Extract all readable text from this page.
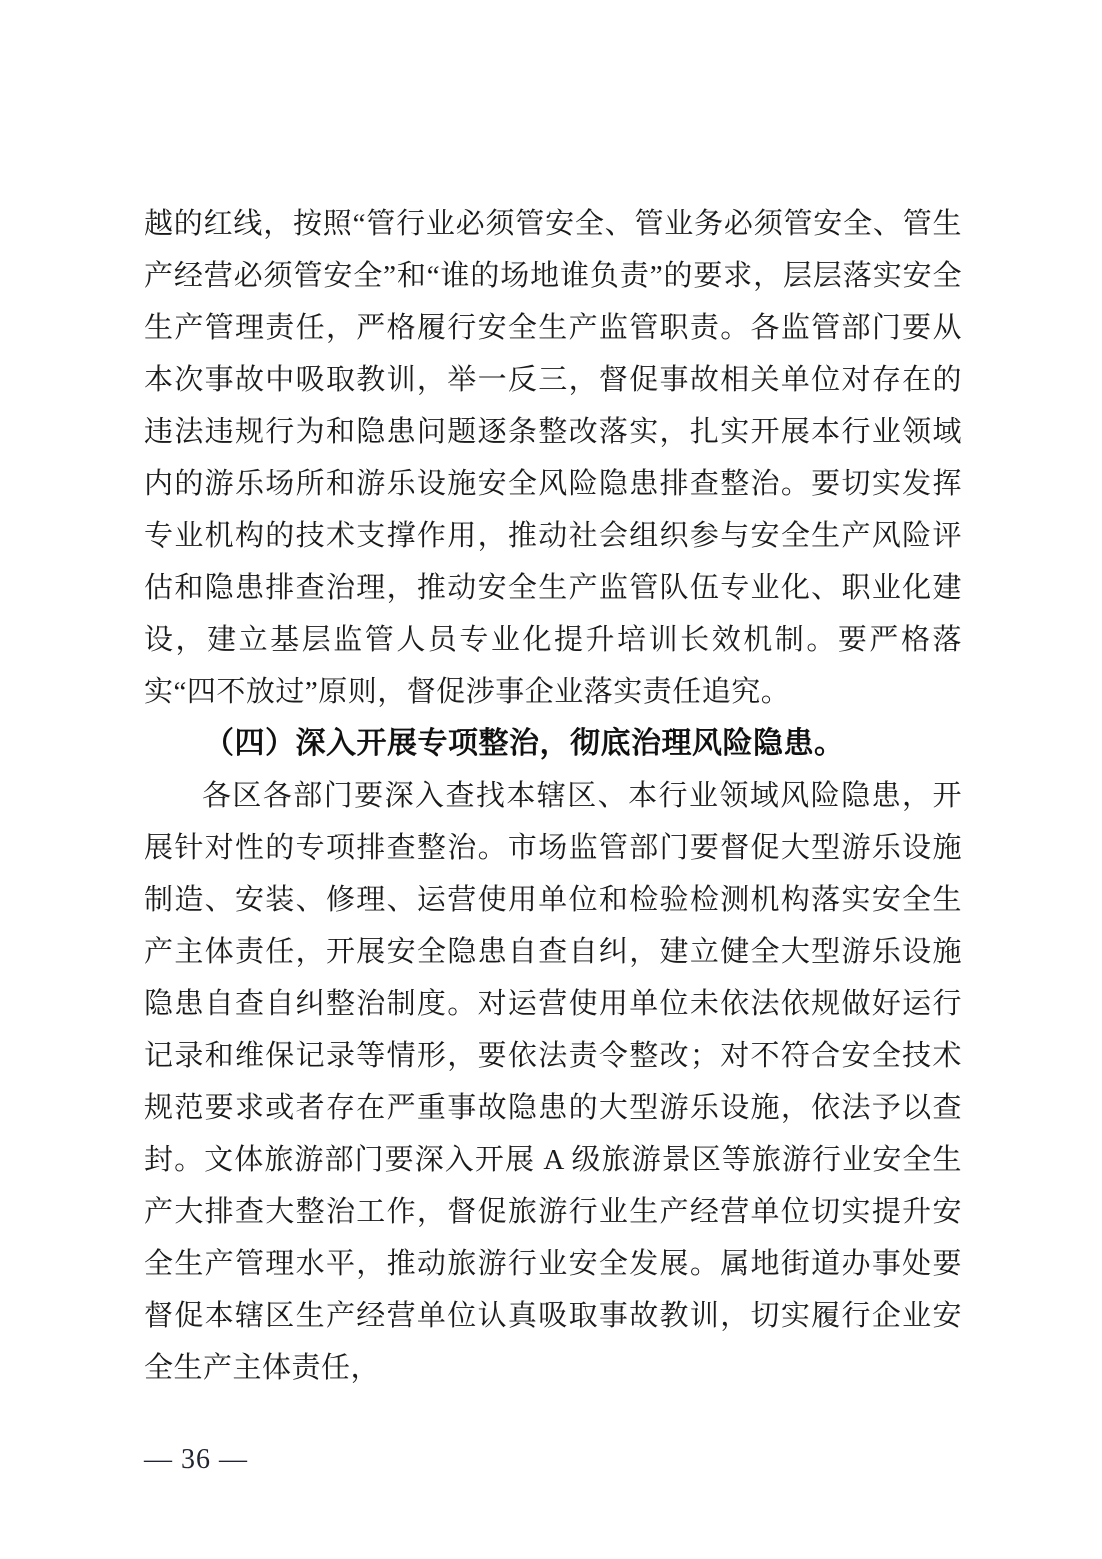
越的红线，按照“管行业必须管安全、管业务必须管安全、管生产经营必须管安全”和“谁的场地谁负责”的要求，层层落实安全生产管理责任，严格履行安全生产监管职责。各监管部门要从本次事故中吸取教训，举一反三，督促事故相关单位对存在的违法违规行为和隐患问题逐条整改落实，扎实开展本行业领域内的游乐场所和游乐设施安全风险隐患排查整治。要切实发挥专业机构的技术支撑作用，推动社会组织参与安全生产风险评估和隐患排查治理，推动安全生产监管队伍专业化、职业化建设，建立基层监管人员专业化提升培训长效机制。要严格落实“四不放过”原则，督促涉事企业落实责任追究。

（四）深入开展专项整治，彻底治理风险隐患。

各区各部门要深入查找本辖区、本行业领域风险隐患，开展针对性的专项排查整治。市场监管部门要督促大型游乐设施制造、安装、修理、运营使用单位和检验检测机构落实安全生产主体责任，开展安全隐患自查自纠，建立健全大型游乐设施隐患自查自纠整治制度。对运营使用单位未依法依规做好运行记录和维保记录等情形，要依法责令整改；对不符合安全技术规范要求或者存在严重事故隐患的大型游乐设施，依法予以查封。文体旅游部门要深入开展 A 级旅游景区等旅游行业安全生产大排查大整治工作，督促旅游行业生产经营单位切实提升安全生产管理水平，推动旅游行业安全发展。属地街道办事处要督促本辖区生产经营单位认真吸取事故教训，切实履行企业安全生产主体责任，

— 36 —
